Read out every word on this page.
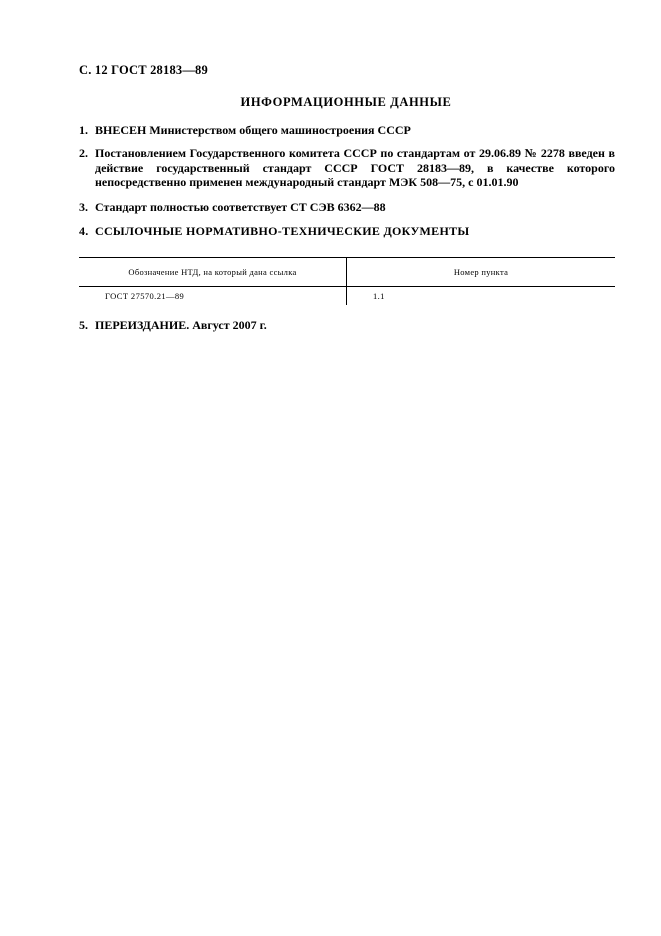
С. 12 ГОСТ 28183—89
ИНФОРМАЦИОННЫЕ ДАННЫЕ
1. ВНЕСЕН Министерством общего машиностроения СССР
2. Постановлением Государственного комитета СССР по стандартам от 29.06.89 № 2278 введен в действие государственный стандарт СССР ГОСТ 28183—89, в качестве которого непосредственно применен международный стандарт МЭК 508—75, с 01.01.90
3. Стандарт полностью соответствует СТ СЭВ 6362—88
4. ССЫЛОЧНЫЕ НОРМАТИВНО-ТЕХНИЧЕСКИЕ ДОКУМЕНТЫ
Обозначение НТД, на который дана ссылка	Номер пункта
ГОСТ 27570.21—89	1.1
5. ПЕРЕИЗДАНИЕ. Август 2007 г.
